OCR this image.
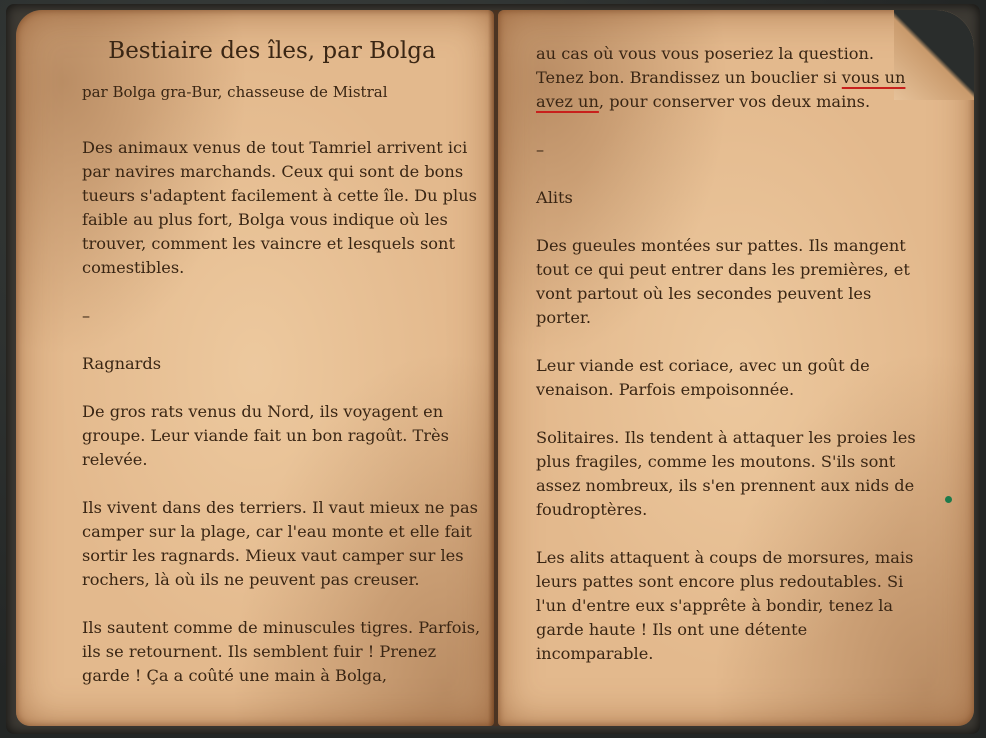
Bestiaire des îles, par Bolga
par Bolga gra-Bur, chasseuse de Mistral

Des animaux venus de tout Tamriel arrivent ici par navires marchands. Ceux qui sont de bons tueurs s'adaptent facilement à cette île. Du plus faible au plus fort, Bolga vous indique où les trouver, comment les vaincre et lesquels sont comestibles.

–

Ragnards

De gros rats venus du Nord, ils voyagent en groupe. Leur viande fait un bon ragoût. Très relevée.

Ils vivent dans des terriers. Il vaut mieux ne pas camper sur la plage, car l'eau monte et elle fait sortir les ragnards. Mieux vaut camper sur les rochers, là où ils ne peuvent pas creuser.

Ils sautent comme de minuscules tigres. Parfois, ils se retournent. Ils semblent fuir ! Prenez garde ! Ça a coûté une main à Bolga,

au cas où vous vous poseriez la question. Tenez bon. Brandissez un bouclier si vous un avez un, pour conserver vos deux mains.

–

Alits

Des gueules montées sur pattes. Ils mangent tout ce qui peut entrer dans les premières, et vont partout où les secondes peuvent les porter.

Leur viande est coriace, avec un goût de venaison. Parfois empoisonnée.

Solitaires. Ils tendent à attaquer les proies les plus fragiles, comme les moutons. S'ils sont assez nombreux, ils s'en prennent aux nids de foudroptères.

Les alits attaquent à coups de morsures, mais leurs pattes sont encore plus redoutables. Si l'un d'entre eux s'apprête à bondir, tenez la garde haute ! Ils ont une détente incomparable.
